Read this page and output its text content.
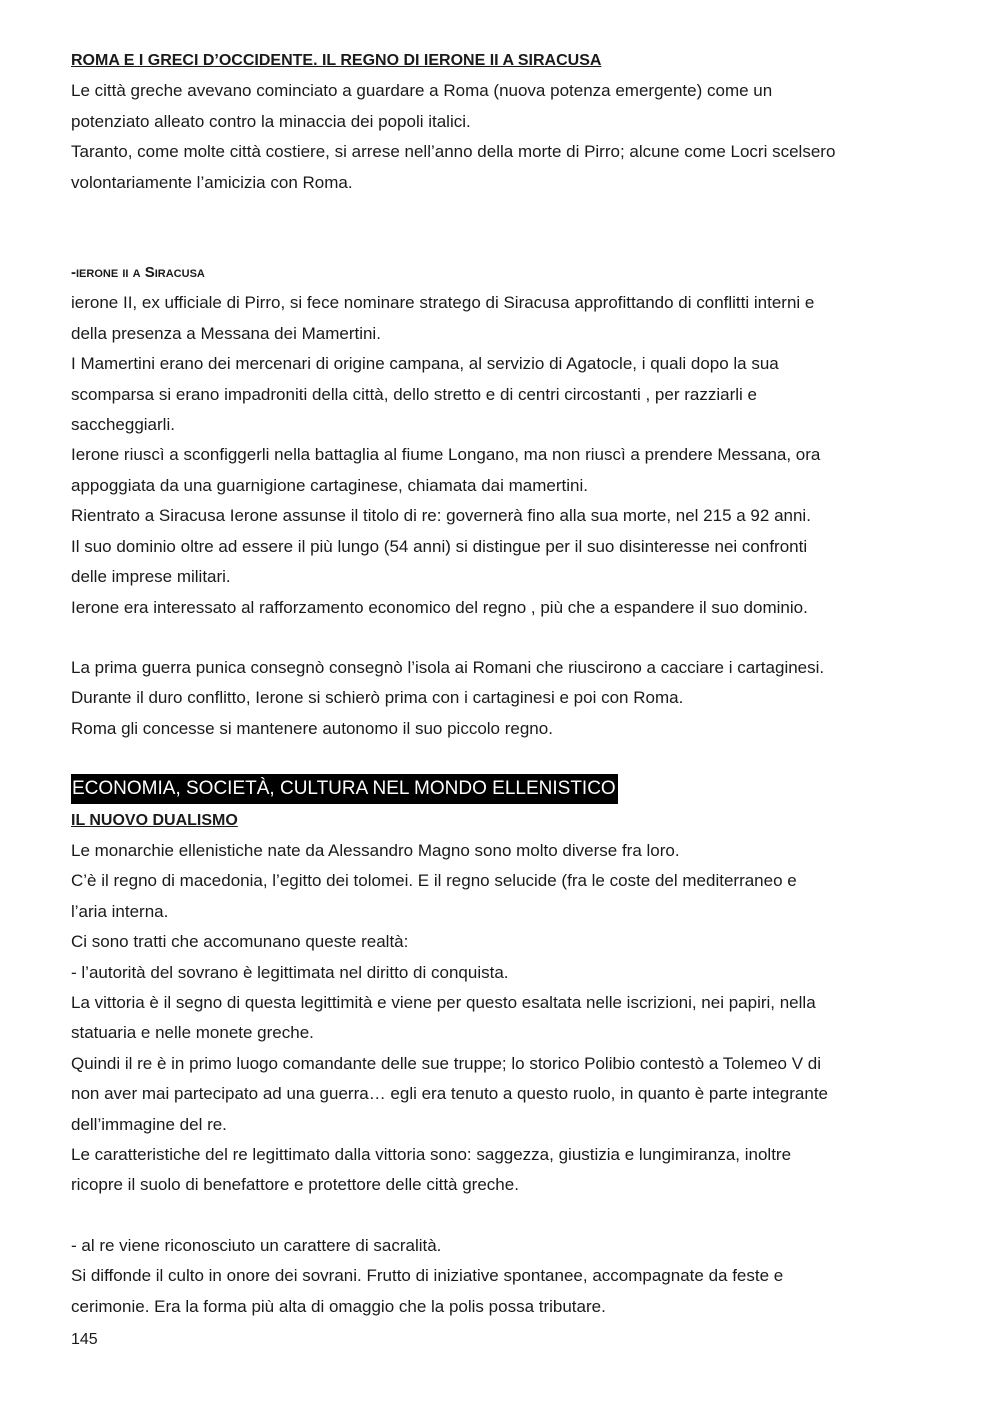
ROMA E I GRECI D’OCCIDENTE. IL REGNO DI IERONE II A SIRACUSA
Le città greche avevano cominciato a guardare a Roma (nuova potenza emergente) come un
potenziato alleato contro la minaccia dei popoli italici.
Taranto, come molte città costiere, si arrese nell’anno della morte di Pirro; alcune come Locri scelsero
volontariamente l’amicizia con Roma.
-ierone ii a Siracusa
ierone II, ex ufficiale di Pirro, si fece nominare stratego di Siracusa approfittando di conflitti interni e
della presenza a Messana dei Mamertini.
I Mamertini erano dei mercenari di origine campana, al servizio di Agatocle, i quali dopo la sua
scomparsa si erano impadroniti della città, dello stretto e di centri circostanti , per razziarli e
saccheggiarli.
Ierone riuscì a sconfiggerli nella battaglia al fiume Longano, ma non riuscì a prendere Messana, ora
appoggiata da una guarnigione cartaginese, chiamata dai mamertini.
Rientrato a Siracusa Ierone assunse il titolo di re: governerà fino alla sua morte, nel 215 a 92 anni.
Il suo dominio oltre ad essere il più lungo (54 anni) si distingue per il suo disinteresse nei confronti
delle imprese militari.
Ierone era interessato al rafforzamento economico del regno , più che a espandere il suo dominio.
La prima guerra punica consegnò consegnò l’isola ai Romani che riuscirono a cacciare i cartaginesi.
Durante il duro conflitto, Ierone si schierò prima con i cartaginesi e poi con Roma.
Roma gli concesse si mantenere autonomo il suo piccolo regno.
ECONOMIA, SOCIETÀ, CULTURA NEL MONDO ELLENISTICO
IL NUOVO DUALISMO
Le monarchie ellenistiche nate da Alessandro Magno sono molto diverse fra loro.
C’è il regno di macedonia, l’egitto dei tolomei. E il regno selucide (fra le coste del mediterraneo e
l’aria interna.
Ci sono tratti che accomunano queste realtà:
- l’autorità del sovrano è legittimata nel diritto di conquista.
La vittoria è il segno di questa legittimità e viene per questo esaltata nelle iscrizioni, nei papiri, nella
statuaria e nelle monete greche.
Quindi il re è in primo luogo comandante delle sue truppe; lo storico Polibio contestò a Tolemeo V di
non aver mai partecipato ad una guerra… egli era tenuto a questo ruolo, in quanto è parte integrante
dell’immagine del re.
Le caratteristiche del re legittimato dalla vittoria sono: saggezza, giustizia e lungimiranza, inoltre
ricopre il suolo di benefattore e protettore delle città greche.
- al re viene riconosciuto un carattere di sacralità.
Si diffonde il culto in onore dei sovrani. Frutto di iniziative spontanee, accompagnate da feste e
cerimonie. Era la forma più alta di omaggio che la polis possa tributare.
145
